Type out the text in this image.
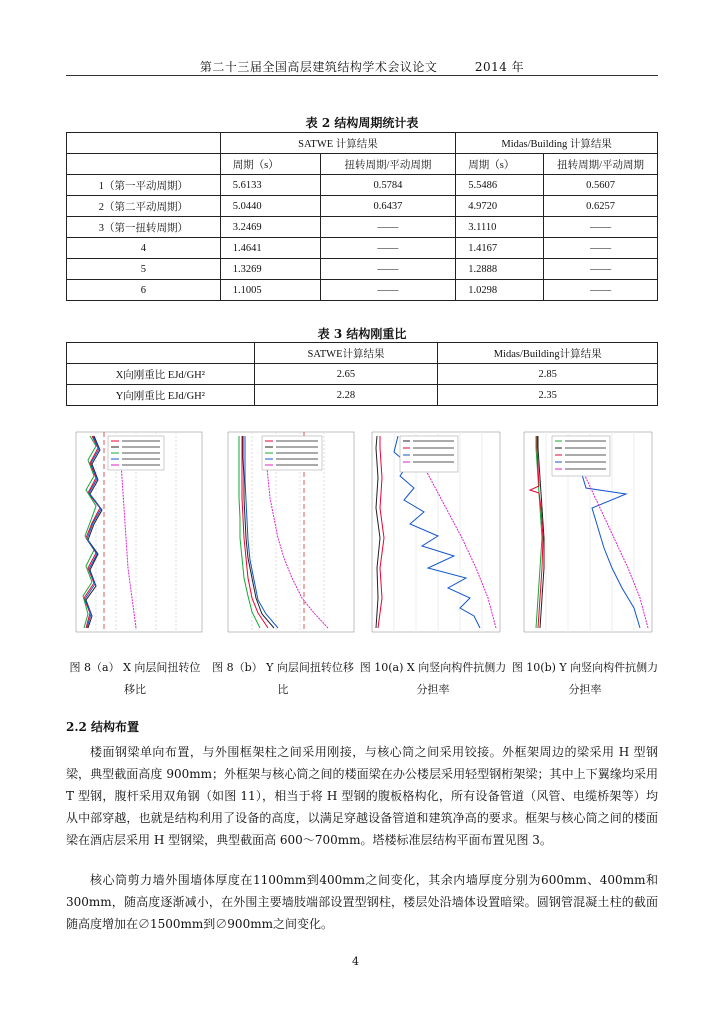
第二十三届全国高层建筑结构学术会议论文　　　2014 年
表 2 结构周期统计表
	SATWE 计算结果		Midas/Building 计算结果	
	周期（s）	扭转周期/平动周期	周期（s）	扭转周期/平动周期
1（第一平动周期）	5.6133	0.5784	5.5486	0.5607
2（第二平动周期）	5.0440	0.6437	4.9720	0.6257
3（第一扭转周期）	3.2469	——	3.1110	——
4	1.4641	——	1.4167	——
5	1.3269	——	1.2888	——
6	1.1005	——	1.0298	——
表 3 结构刚重比
	SATWE计算结果	Midas/Building计算结果
X向刚重比 EJd/GH²	2.65	2.85
Y向刚重比 EJd/GH²	2.28	2.35
图 8（a） X 向层间扭转位
移比
图 8（b） Y 向层间扭转位移
比
图 10(a) X 向竖向构件抗侧力
分担率
图 10(b) Y 向竖向构件抗侧力
分担率
2.2 结构布置
楼面钢梁单向布置，与外围框架柱之间采用刚接，与核心筒之间采用铰接。外框架周边的梁采用 H 型钢梁，典型截面高度 900mm；外框架与核心筒之间的楼面梁在办公楼层采用轻型钢桁架梁；其中上下翼缘均采用 T 型钢，腹杆采用双角钢（如图 11），相当于将 H 型钢的腹板格构化，所有设备管道（风管、电缆桥架等）均从中部穿越，也就是结构利用了设备的高度，以满足穿越设备管道和建筑净高的要求。框架与核心筒之间的楼面梁在酒店层采用 H 型钢梁，典型截面高 600～700mm。塔楼标准层结构平面布置见图 3。
核心筒剪力墙外围墙体厚度在1100mm到400mm之间变化，其余内墙厚度分别为600mm、400mm和300mm，随高度逐渐减小，在外围主要墙肢端部设置型钢柱，楼层处沿墙体设置暗梁。圆钢管混凝土柱的截面随高度增加在∅1500mm到∅900mm之间变化。
4
